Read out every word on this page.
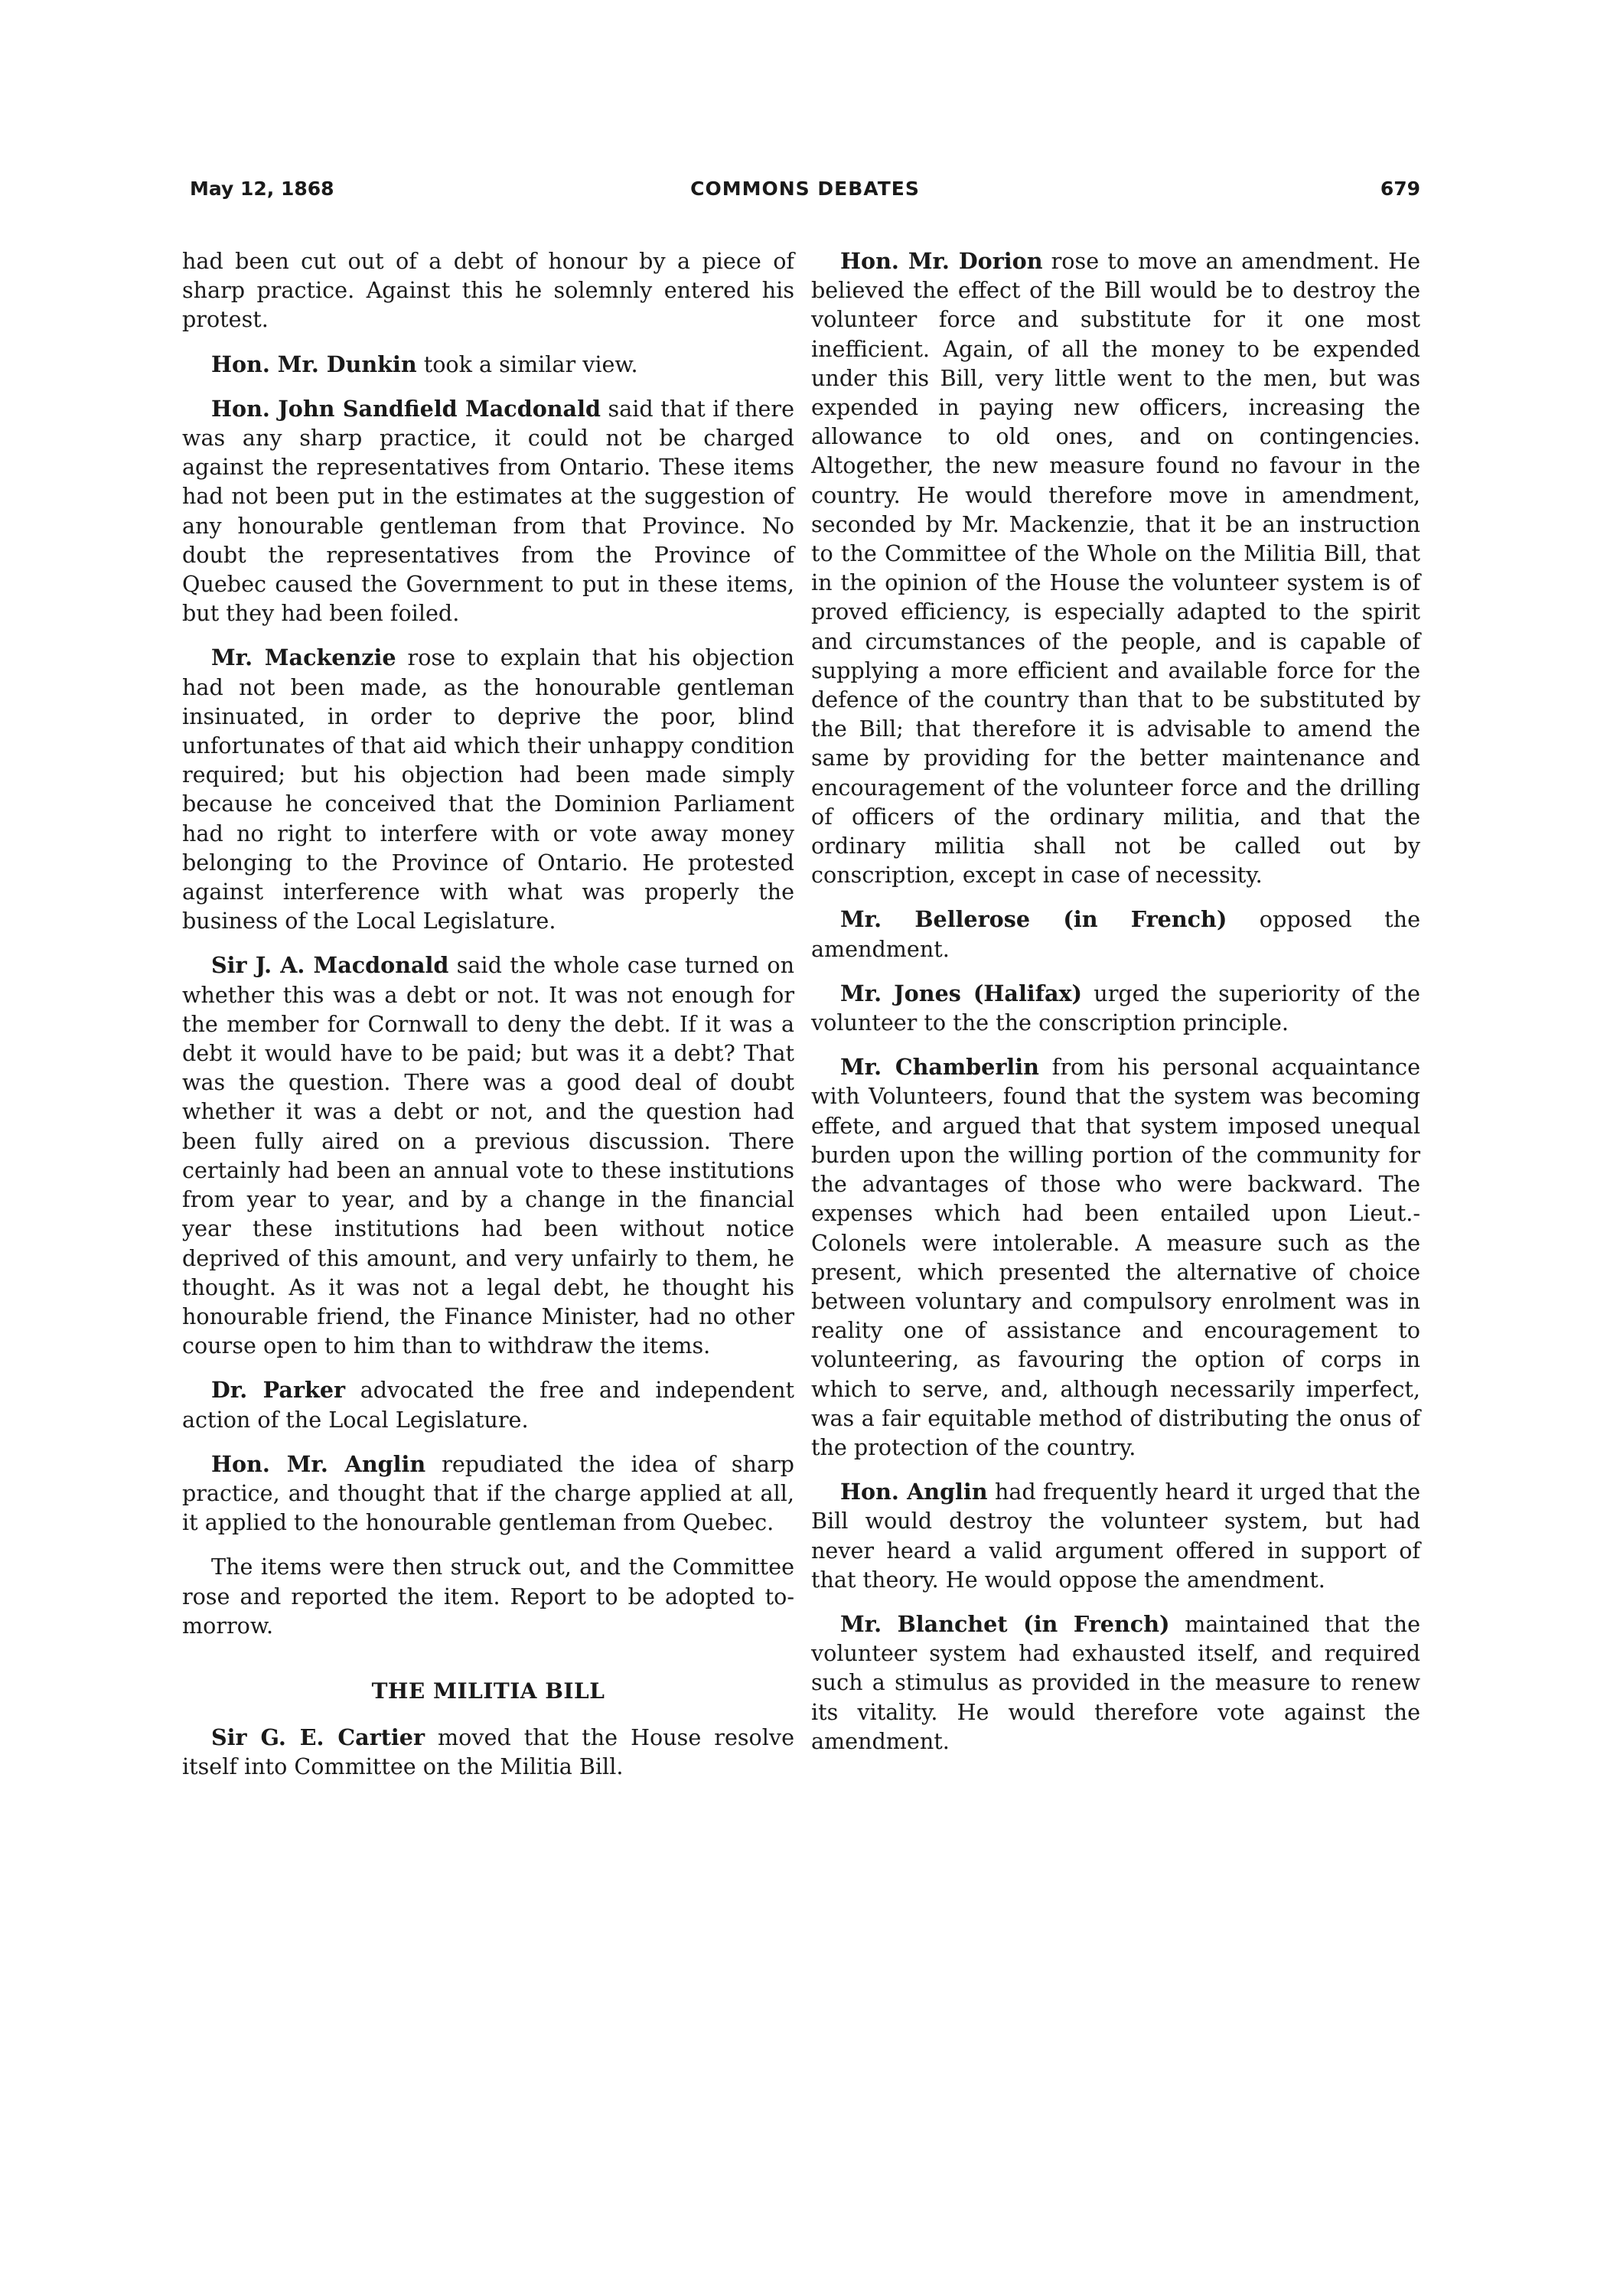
May 12, 1868	COMMONS DEBATES	679

had been cut out of a debt of honour by a piece of sharp practice. Against this he solemnly entered his protest.

Hon. Mr. Dunkin took a similar view.

Hon. John Sandfield Macdonald said that if there was any sharp practice, it could not be charged against the representatives from Ontario. These items had not been put in the estimates at the suggestion of any honourable gentleman from that Province. No doubt the representatives from the Province of Quebec caused the Government to put in these items, but they had been foiled.

Mr. Mackenzie rose to explain that his objection had not been made, as the honourable gentleman insinuated, in order to deprive the poor, blind unfortunates of that aid which their unhappy condition required; but his objection had been made simply because he conceived that the Dominion Parliament had no right to interfere with or vote away money belonging to the Province of Ontario. He protested against interference with what was properly the business of the Local Legislature.

Sir J. A. Macdonald said the whole case turned on whether this was a debt or not. It was not enough for the member for Cornwall to deny the debt. If it was a debt it would have to be paid; but was it a debt? That was the question. There was a good deal of doubt whether it was a debt or not, and the question had been fully aired on a previous discussion. There certainly had been an annual vote to these institutions from year to year, and by a change in the financial year these institutions had been without notice deprived of this amount, and very unfairly to them, he thought. As it was not a legal debt, he thought his honourable friend, the Finance Minister, had no other course open to him than to withdraw the items.

Dr. Parker advocated the free and independent action of the Local Legislature.

Hon. Mr. Anglin repudiated the idea of sharp practice, and thought that if the charge applied at all, it applied to the honourable gentleman from Quebec.

The items were then struck out, and the Committee rose and reported the item. Report to be adopted to-morrow.

THE MILITIA BILL

Sir G. E. Cartier moved that the House resolve itself into Committee on the Militia Bill.

Hon. Mr. Dorion rose to move an amendment. He believed the effect of the Bill would be to destroy the volunteer force and substitute for it one most inefficient. Again, of all the money to be expended under this Bill, very little went to the men, but was expended in paying new officers, increasing the allowance to old ones, and on contingencies. Altogether, the new measure found no favour in the country. He would therefore move in amendment, seconded by Mr. Mackenzie, that it be an instruction to the Committee of the Whole on the Militia Bill, that in the opinion of the House the volunteer system is of proved efficiency, is especially adapted to the spirit and circumstances of the people, and is capable of supplying a more efficient and available force for the defence of the country than that to be substituted by the Bill; that therefore it is advisable to amend the same by providing for the better maintenance and encouragement of the volunteer force and the drilling of officers of the ordinary militia, and that the ordinary militia shall not be called out by conscription, except in case of necessity.

Mr. Bellerose (in French) opposed the amendment.

Mr. Jones (Halifax) urged the superiority of the volunteer to the the conscription principle.

Mr. Chamberlin from his personal acquaintance with Volunteers, found that the system was becoming effete, and argued that that system imposed unequal burden upon the willing portion of the community for the advantages of those who were backward. The expenses which had been entailed upon Lieut.-Colonels were intolerable. A measure such as the present, which presented the alternative of choice between voluntary and compulsory enrolment was in reality one of assistance and encouragement to volunteering, as favouring the option of corps in which to serve, and, although necessarily imperfect, was a fair equitable method of distributing the onus of the protection of the country.

Hon. Anglin had frequently heard it urged that the Bill would destroy the volunteer system, but had never heard a valid argument offered in support of that theory. He would oppose the amendment.

Mr. Blanchet (in French) maintained that the volunteer system had exhausted itself, and required such a stimulus as provided in the measure to renew its vitality. He would therefore vote against the amendment.
